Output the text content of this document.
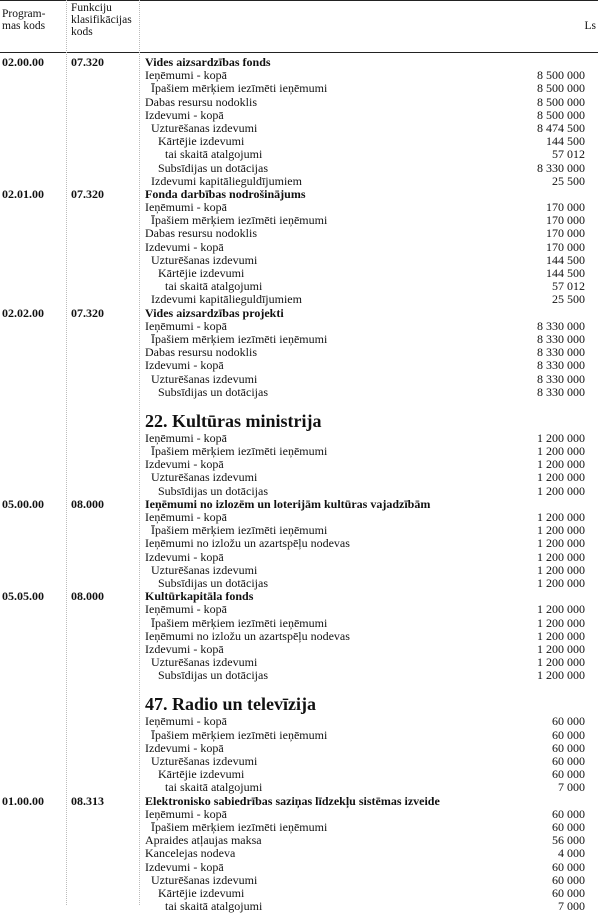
Program-
mas kods
Funkciju
klasifikācijas
kods	Ls
02.00.00 07.320	Vides aizsardzības fonds
Ieņēmumi - kopā	8 500 000
Īpašiem mērķiem iezīmēti ieņēmumi	8 500 000
Dabas resursu nodoklis	8 500 000
Izdevumi - kopā	8 500 000
Uzturēšanas izdevumi	8 474 500
Kārtējie izdevumi	144 500
tai skaitā atalgojumi	57 012
Subsīdijas un dotācijas	8 330 000
Izdevumi kapitālieguldījumiem	25 500
02.01.00 07.320	Fonda darbības nodrošinājums
Ieņēmumi - kopā	170 000
Īpašiem mērķiem iezīmēti ieņēmumi	170 000
Dabas resursu nodoklis	170 000
Izdevumi - kopā	170 000
Uzturēšanas izdevumi	144 500
Kārtējie izdevumi	144 500
tai skaitā atalgojumi	57 012
Izdevumi kapitālieguldījumiem	25 500
02.02.00 07.320	Vides aizsardzības projekti
Ieņēmumi - kopā	8 330 000
Īpašiem mērķiem iezīmēti ieņēmumi	8 330 000
Dabas resursu nodoklis	8 330 000
Izdevumi - kopā	8 330 000
Uzturēšanas izdevumi	8 330 000
Subsīdijas un dotācijas	8 330 000
22. Kultūras ministrija
Ieņēmumi - kopā	1 200 000
Īpašiem mērķiem iezīmēti ieņēmumi	1 200 000
Izdevumi - kopā	1 200 000
Uzturēšanas izdevumi	1 200 000
Subsīdijas un dotācijas	1 200 000
05.00.00 08.000	Ieņēmumi no izlozēm un loterijām kultūras vajadzībām
Ieņēmumi - kopā	1 200 000
Īpašiem mērķiem iezīmēti ieņēmumi	1 200 000
Ieņēmumi no izložu un azartspēļu nodevas	1 200 000
Izdevumi - kopā	1 200 000
Uzturēšanas izdevumi	1 200 000
Subsīdijas un dotācijas	1 200 000
05.05.00 08.000	Kultūrkapitāla fonds
Ieņēmumi - kopā	1 200 000
Īpašiem mērķiem iezīmēti ieņēmumi	1 200 000
Ieņēmumi no izložu un azartspēļu nodevas	1 200 000
Izdevumi - kopā	1 200 000
Uzturēšanas izdevumi	1 200 000
Subsīdijas un dotācijas	1 200 000
47. Radio un televīzija
Ieņēmumi - kopā	60 000
Īpašiem mērķiem iezīmēti ieņēmumi	60 000
Izdevumi - kopā	60 000
Uzturēšanas izdevumi	60 000
Kārtējie izdevumi	60 000
tai skaitā atalgojumi	7 000
01.00.00 08.313	Elektronisko sabiedrības saziņas līdzekļu sistēmas izveide
Ieņēmumi - kopā	60 000
Īpašiem mērķiem iezīmēti ieņēmumi	60 000
Apraides atļaujas maksa	56 000
Kancelejas nodeva	4 000
Izdevumi - kopā	60 000
Uzturēšanas izdevumi	60 000
Kārtējie izdevumi	60 000
tai skaitā atalgojumi	7 000
